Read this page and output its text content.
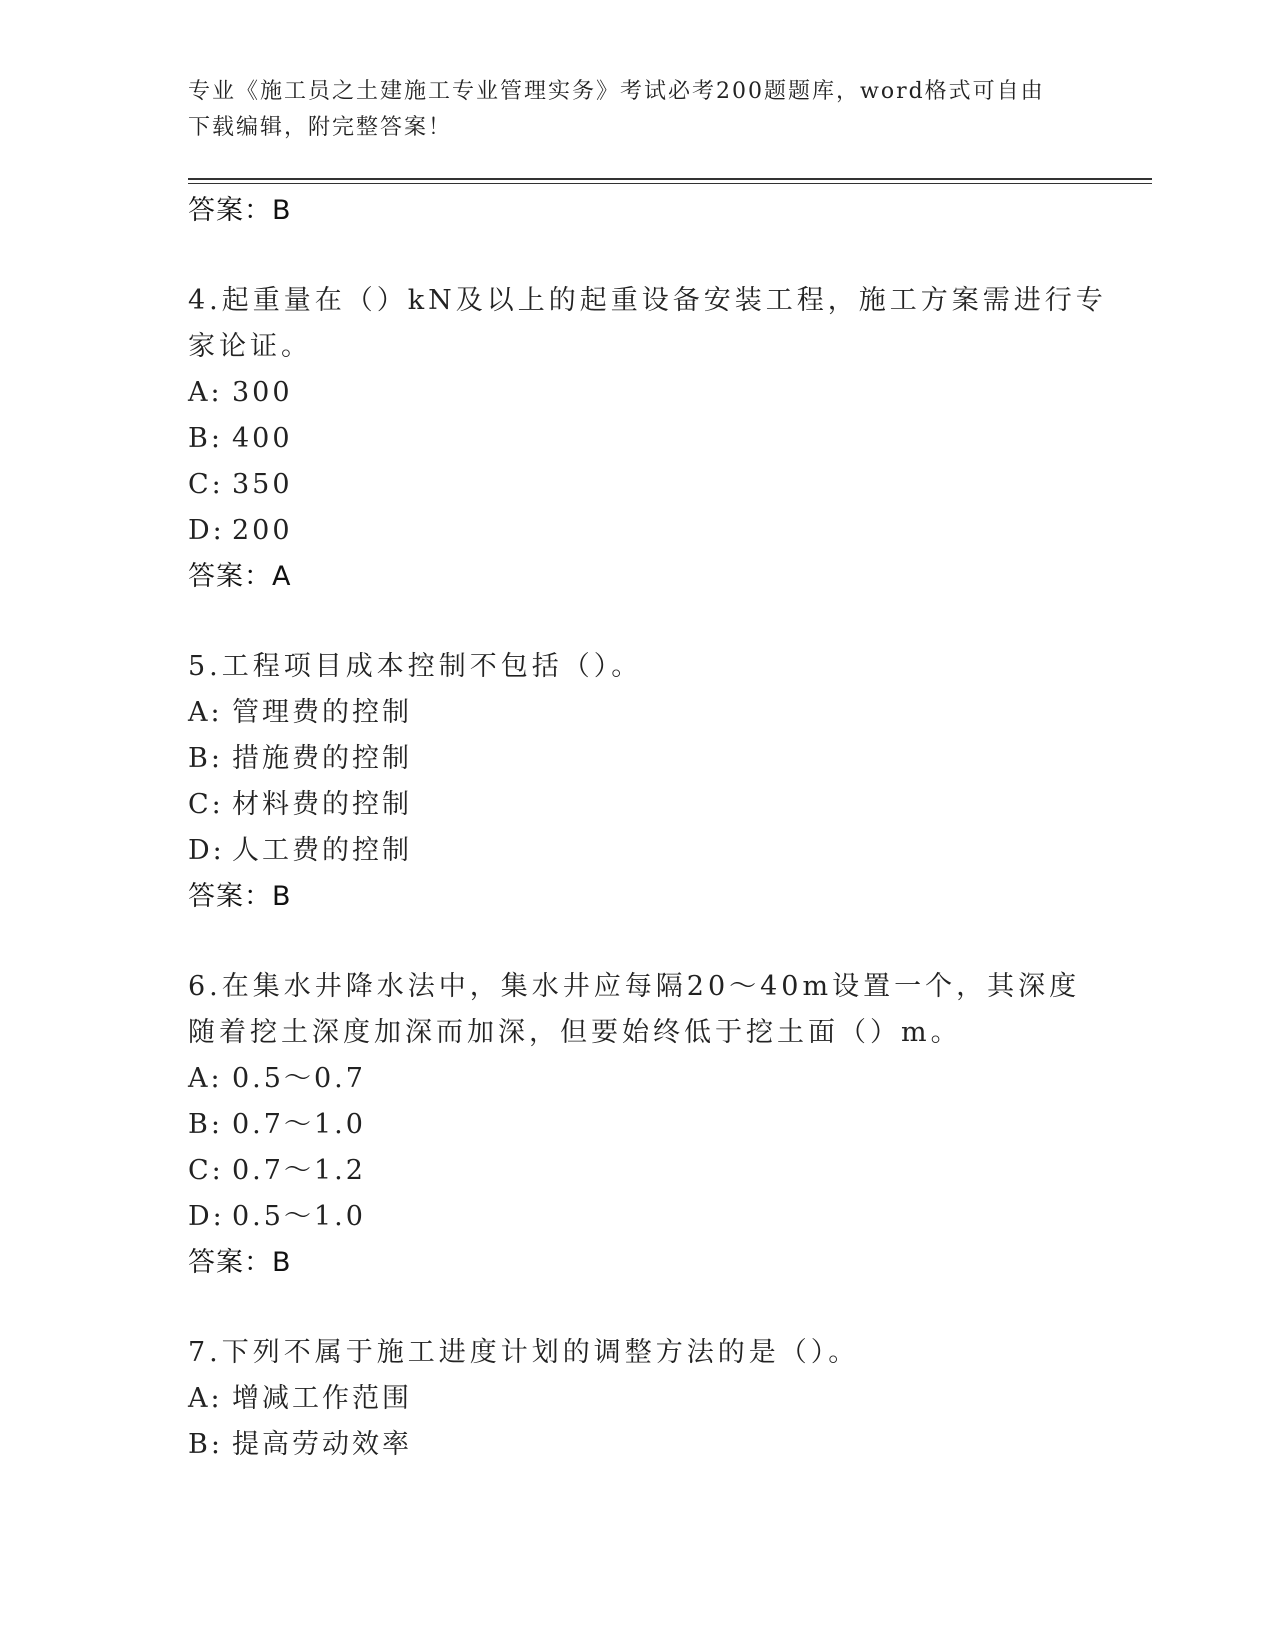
专业《施工员之土建施工专业管理实务》考试必考200题题库，word格式可自由下载编辑，附完整答案！
答案：B
4.起重量在（）kN及以上的起重设备安装工程，施工方案需进行专家论证。
A: 300
B: 400
C: 350
D: 200
答案：A
5.工程项目成本控制不包括（）。
A: 管理费的控制
B: 措施费的控制
C: 材料费的控制
D: 人工费的控制
答案：B
6.在集水井降水法中，集水井应每隔20～40m设置一个，其深度随着挖土深度加深而加深，但要始终低于挖土面（）m。
A: 0.5～0.7
B: 0.7～1.0
C: 0.7～1.2
D: 0.5～1.0
答案：B
7.下列不属于施工进度计划的调整方法的是（）。
A: 增减工作范围
B: 提高劳动效率
